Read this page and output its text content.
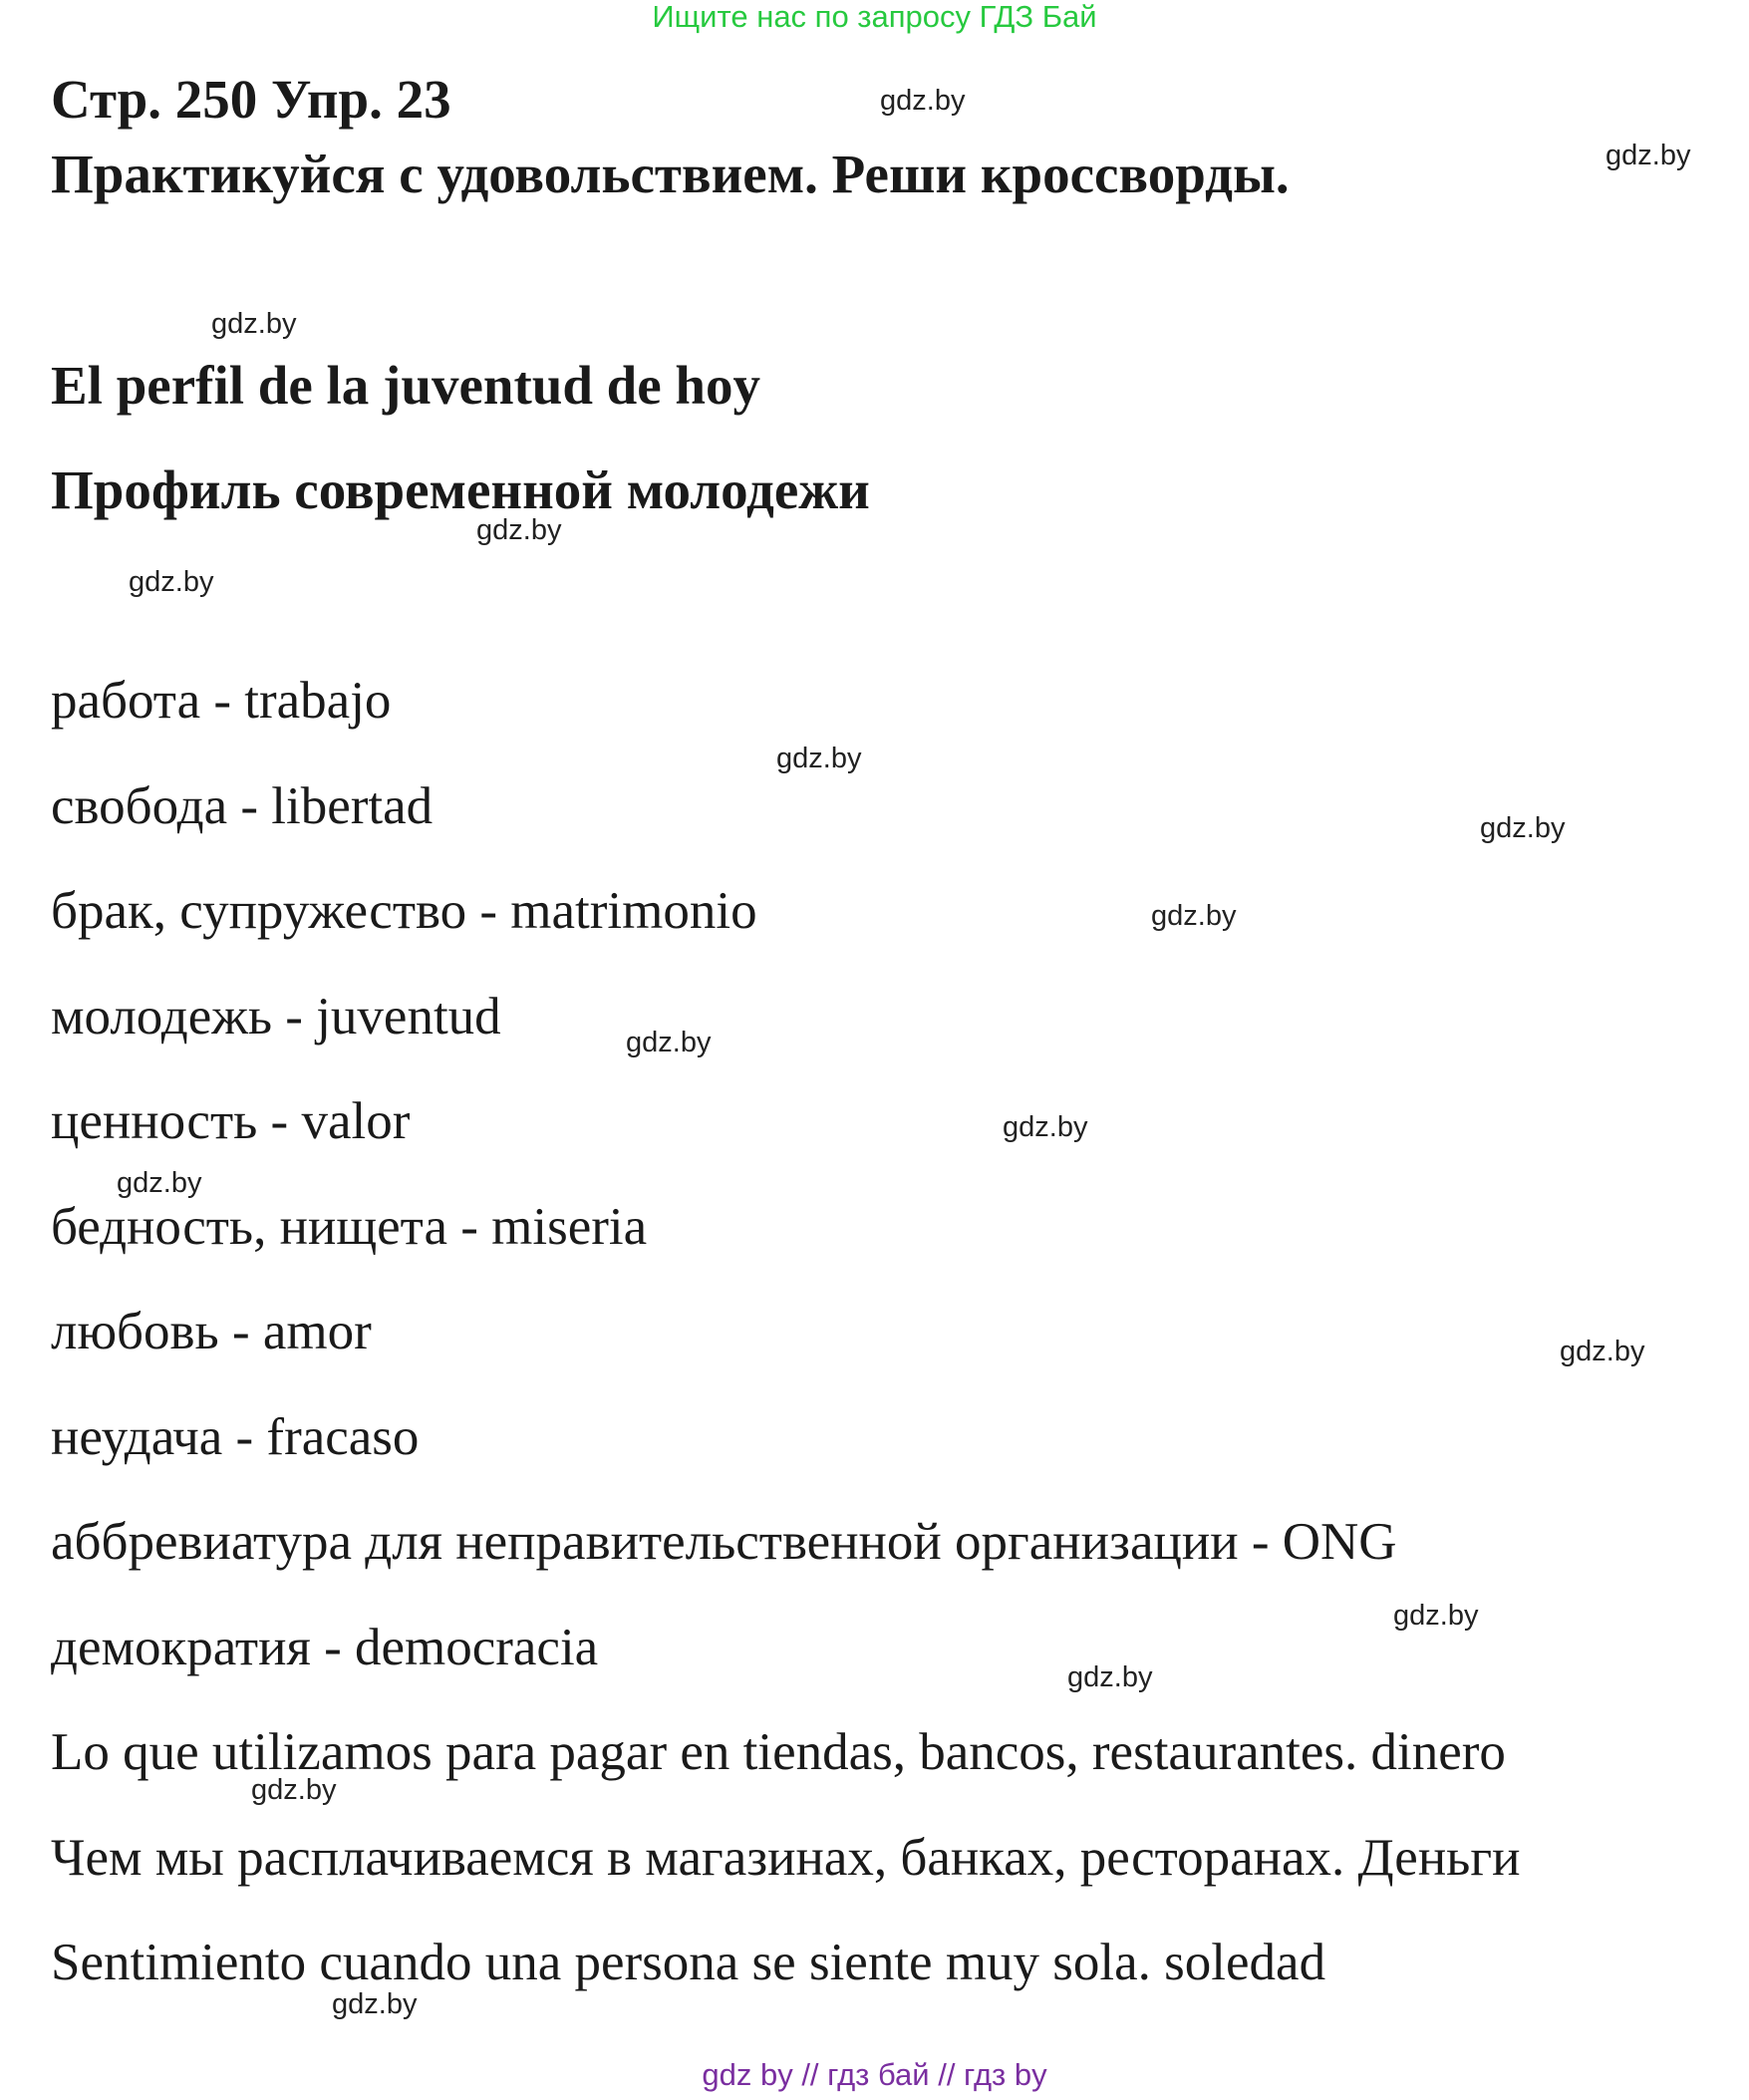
Ищите нас по запросу ГДЗ Бай
Стр. 250 Упр. 23
Практикуйся с удовольствием. Реши кроссворды.
El perfil de la juventud de hoy
Профиль современной молодежи
работа - trabajo
свобода - libertad
брак, супружество - matrimonio
молодежь - juventud
ценность - valor
бедность, нищета - miseria
любовь - amor
неудача - fracaso
аббревиатура для неправительственной организации - ONG
демократия - democracia
Lo que utilizamos para pagar en tiendas, bancos, restaurantes. dinero
Чем мы расплачиваемся в магазинах, банках, ресторанах. Деньги
Sentimiento cuando una persona se siente muy sola. soledad
gdz.by
gdz.by
gdz.by
gdz.by
gdz.by
gdz.by
gdz.by
gdz.by
gdz.by
gdz.by
gdz.by
gdz.by
gdz.by
gdz.by
gdz.by
gdz.by
gdz by // гдз бай // гдз by
